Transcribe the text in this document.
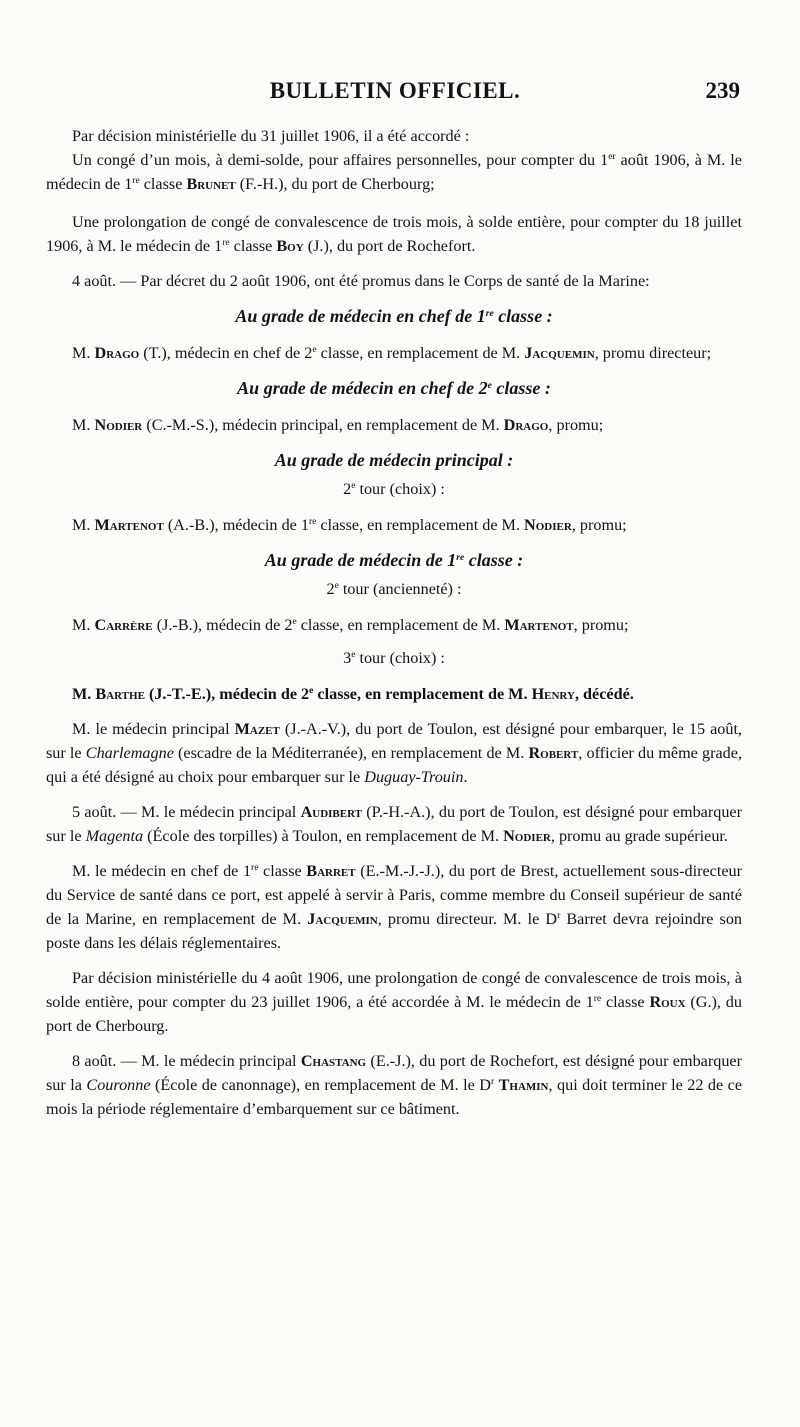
BULLETIN OFFICIEL.	239

Par décision ministérielle du 31 juillet 1906, il a été accordé :

Un congé d’un mois, à demi-solde, pour affaires personnelles, pour compter du 1er août 1906, à M. le médecin de 1re classe Brunet (F.-H.), du port de Cherbourg;

Une prolongation de congé de convalescence de trois mois, à solde entière, pour compter du 18 juillet 1906, à M. le médecin de 1re classe Boy (J.), du port de Rochefort.

4 août. — Par décret du 2 août 1906, ont été promus dans le Corps de santé de la Marine:

Au grade de médecin en chef de 1re classe :

M. Drago (T.), médecin en chef de 2e classe, en remplacement de M. Jacquemin, promu directeur;

Au grade de médecin en chef de 2e classe :

M. Nodier (C.-M.-S.), médecin principal, en remplacement de M. Drago, promu;

Au grade de médecin principal :
2e tour (choix) :

M. Martenot (A.-B.), médecin de 1re classe, en remplacement de M. Nodier, promu;

Au grade de médecin de 1re classe :
2e tour (ancienneté) :

M. Carrère (J.-B.), médecin de 2e classe, en remplacement de M. Martenot, promu;

3e tour (choix) :

M. Barthe (J.-T.-E.), médecin de 2e classe, en remplacement de M. Henry, décédé.

M. le médecin principal Mazet (J.-A.-V.), du port de Toulon, est désigné pour embarquer, le 15 août, sur le Charlemagne (escadre de la Méditerranée), en remplacement de M. Robert, officier du même grade, qui a été désigné au choix pour embarquer sur le Duguay-Trouin.

5 août. — M. le médecin principal Audibert (P.-H.-A.), du port de Toulon, est désigné pour embarquer sur le Magenta (École des torpilles) à Toulon, en remplacement de M. Nodier, promu au grade supérieur.

M. le médecin en chef de 1re classe Barret (E.-M.-J.-J.), du port de Brest, actuellement sous-directeur du Service de santé dans ce port, est appelé à servir à Paris, comme membre du Conseil supérieur de santé de la Marine, en remplacement de M. Jacquemin, promu directeur. M. le $D^r$ Barret devra rejoindre son poste dans les délais réglementaires.

Par décision ministérielle du 4 août 1906, une prolongation de congé de convalescence de trois mois, à solde entière, pour compter du 23 juillet 1906, a été accordée à M. le médecin de 1re classe Roux (G.), du port de Cherbourg.

8 août. — M. le médecin principal Chastang (E.-J.), du port de Rochefort, est désigné pour embarquer sur la Couronne (École de canonnage), en remplacement de M. le $D^r$ Thamin, qui doit terminer le 22 de ce mois la période réglementaire d’embarquement sur ce bâtiment.
